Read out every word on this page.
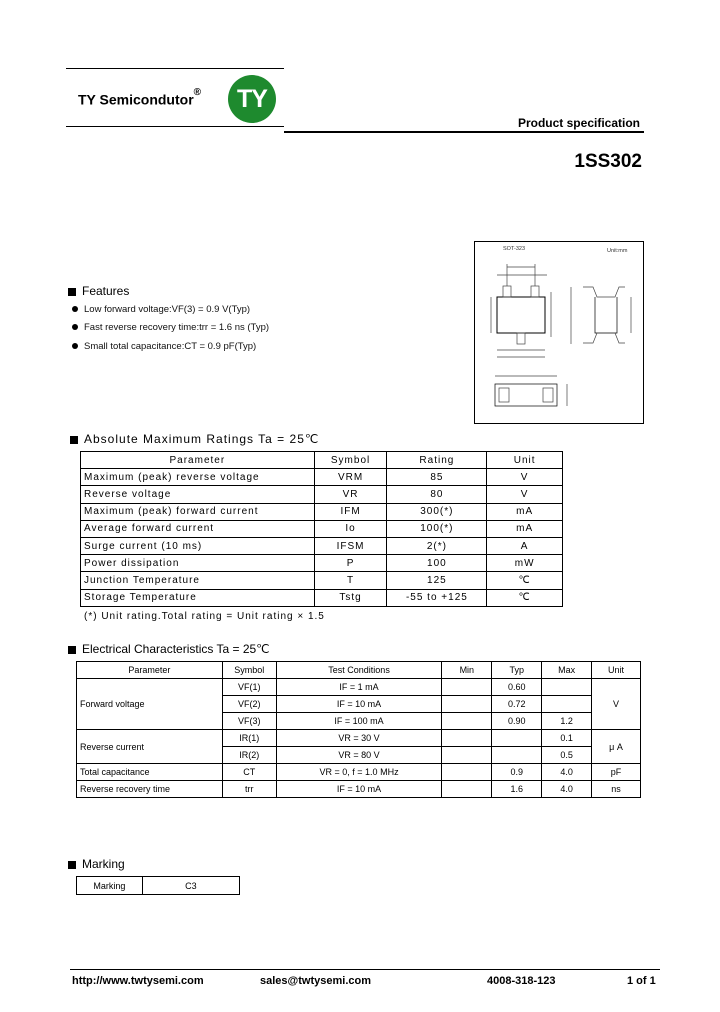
TY Semicondutor®	TY
Product specification
1SS302
Features
Low forward voltage:VF(3) = 0.9 V(Typ)
Fast reverse recovery time:trr = 1.6 ns (Typ)
Small total capacitance:CT = 0.9 pF(Typ)
SOT-323	Unit:mm
Absolute Maximum Ratings Ta = 25℃
Parameter	Symbol	Rating	Unit
Maximum (peak) reverse voltage	VRM	85	V
Reverse voltage	VR	80	V
Maximum (peak) forward current	IFM	300(*)	mA
Average forward current	Io	100(*)	mA
Surge current (10 ms)	IFSM	2(*)	A
Power dissipation	P	100	mW
Junction Temperature	T	125	℃
Storage Temperature	Tstg	-55 to +125	℃
(*) Unit rating.Total rating = Unit rating × 1.5
Electrical Characteristics Ta = 25℃
Parameter	Symbol	Test Conditions	Min	Typ	Max	Unit
Forward voltage	VF(1)	IF = 1 mA		0.60		V
	VF(2)	IF = 10 mA		0.72		
	VF(3)	IF = 100 mA		0.90	1.2	
Reverse current	IR(1)	VR = 30 V			0.1	μ A
	IR(2)	VR = 80 V			0.5	
Total capacitance	CT	VR = 0, f = 1.0 MHz		0.9	4.0	pF
Reverse recovery time	trr	IF = 10 mA		1.6	4.0	ns
Marking
Marking	C3
http://www.twtysemi.com	sales@twtysemi.com	4008-318-123	1 of 1
